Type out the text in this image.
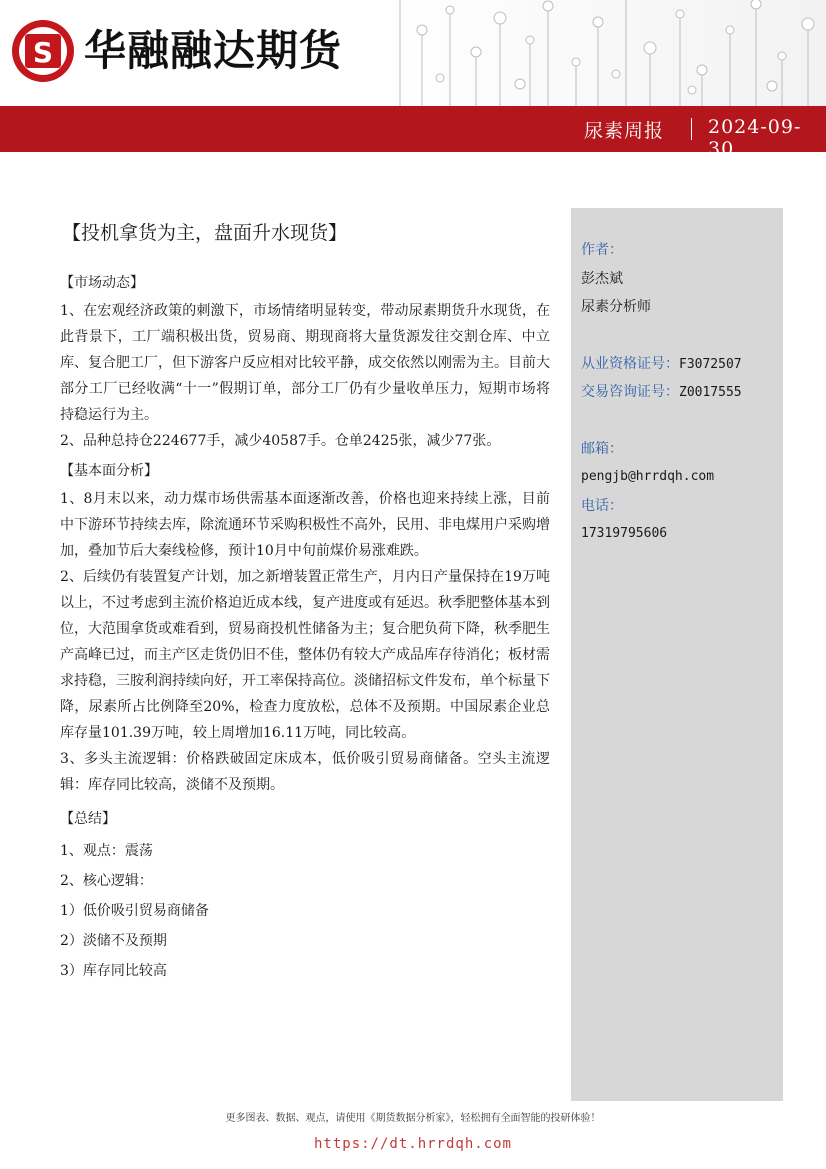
S 华融融达期货
尿素周报 2024-09-30
【投机拿货为主，盘面升水现货】
【市场动态】

1、在宏观经济政策的刺激下，市场情绪明显转变，带动尿素期货升水现货，在此背景下，工厂端积极出货，贸易商、期现商将大量货源发往交割仓库、中立库、复合肥工厂，但下游客户反应相对比较平静，成交依然以刚需为主。目前大部分工厂已经收满“十一”假期订单，部分工厂仍有少量收单压力，短期市场将持稳运行为主。

2、品种总持仓224677手，减少40587手。仓单2425张，减少77张。

【基本面分析】

1、8月末以来，动力煤市场供需基本面逐渐改善，价格也迎来持续上涨，目前中下游环节持续去库，除流通环节采购积极性不高外，民用、非电煤用户采购增加，叠加节后大秦线检修，预计10月中旬前煤价易涨难跌。

2、后续仍有装置复产计划，加之新增装置正常生产，月内日产量保持在19万吨以上，不过考虑到主流价格迫近成本线，复产进度或有延迟。秋季肥整体基本到位，大范围拿货或难看到，贸易商投机性储备为主；复合肥负荷下降，秋季肥生产高峰已过，而主产区走货仍旧不佳，整体仍有较大产成品库存待消化；板材需求持稳，三胺利润持续向好，开工率保持高位。淡储招标文件发布，单个标量下降，尿素所占比例降至20%，检查力度放松，总体不及预期。中国尿素企业总库存量101.39万吨，较上周增加16.11万吨，同比较高。

3、多头主流逻辑：价格跌破固定床成本，低价吸引贸易商储备。空头主流逻辑：库存同比较高，淡储不及预期。

【总结】

1、观点：震荡

2、核心逻辑：

1）低价吸引贸易商储备

2）淡储不及预期

3）库存同比较高

作者：
彭杰斌
尿素分析师
从业资格证号：F3072507
交易咨询证号：Z0017555
邮箱：
pengjb@hrrdqh.com
电话：
17319795606
更多图表、数据、观点，请使用《期货数据分析家》，轻松拥有全面智能的投研体验！
https://dt.hrrdqh.com
